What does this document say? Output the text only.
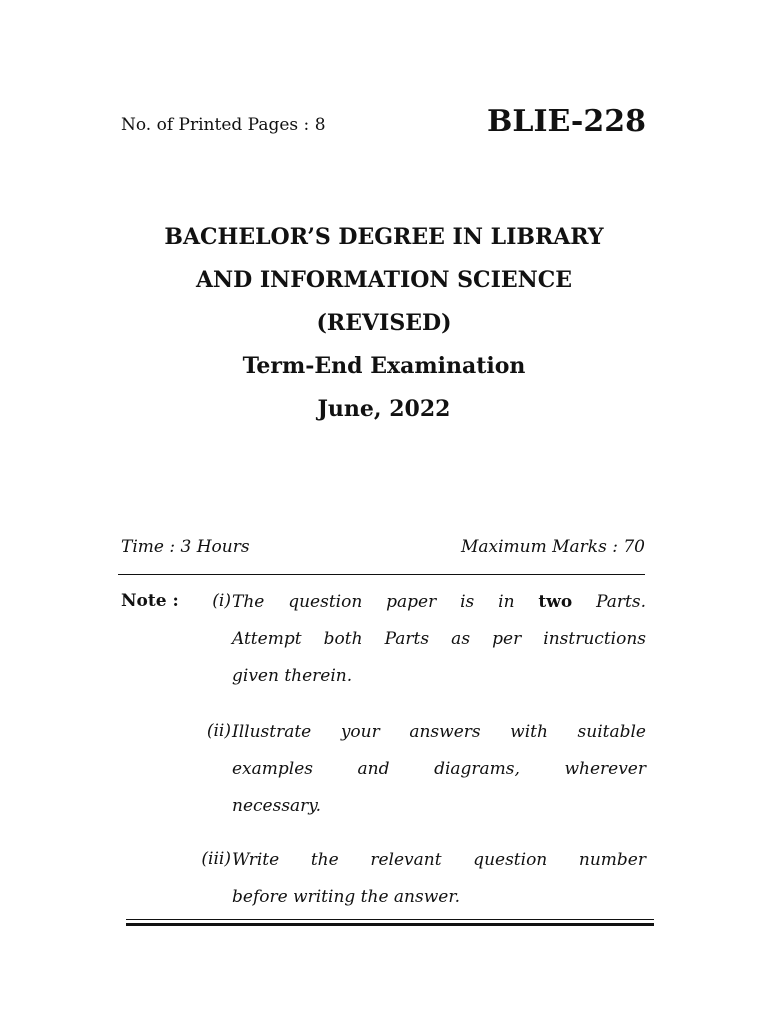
No. of Printed Pages : 8	BLIE-228
BACHELOR’S DEGREE IN LIBRARY
AND INFORMATION SCIENCE
(REVISED)
Term-End Examination
June, 2022
Time : 3 Hours	Maximum Marks : 70
Note :	(i) The question paper is in two Parts.
Attempt both Parts as per instructions
given therein.
(ii) Illustrate your answers with suitable
examples and diagrams, wherever
necessary.
(iii) Write the relevant question number
before writing the answer.
